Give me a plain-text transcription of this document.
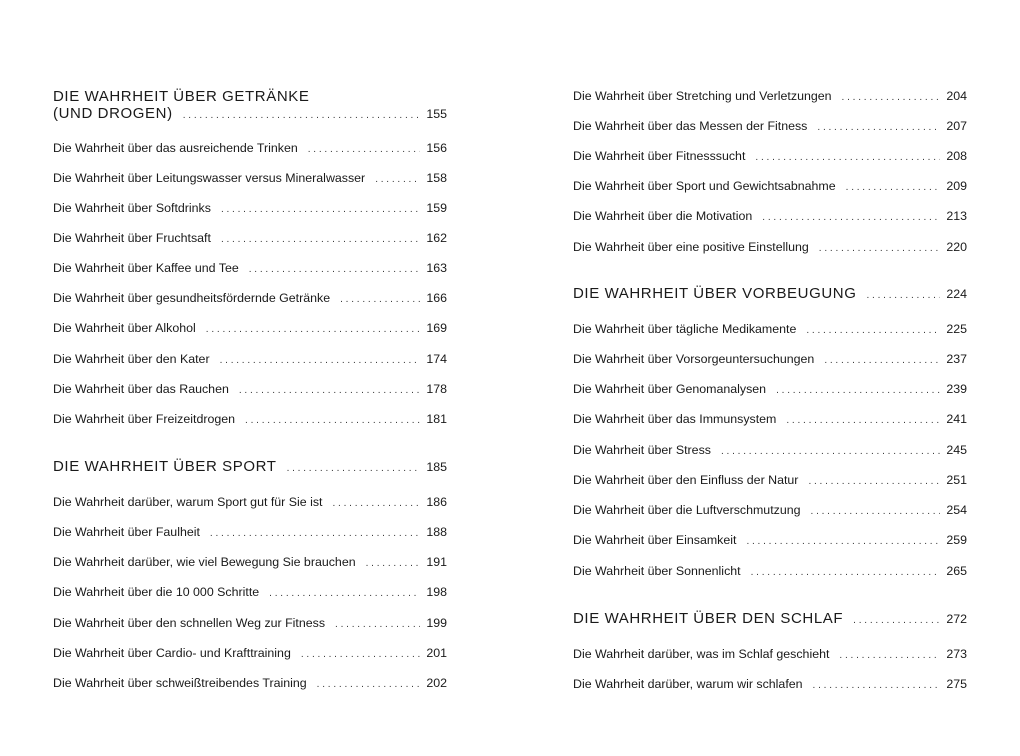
DIE WAHRHEIT ÜBER GETRÄNKE
(UND DROGEN) . . .	155
Die Wahrheit über das ausreichende Trinken . . .	156
Die Wahrheit über Leitungswasser versus Mineralwasser . . .	158
Die Wahrheit über Softdrinks . . .	159
Die Wahrheit über Fruchtsaft . . .	162
Die Wahrheit über Kaffee und Tee . . .	163
Die Wahrheit über gesundheitsfördernde Getränke . . .	166
Die Wahrheit über Alkohol . . .	169
Die Wahrheit über den Kater . . .	174
Die Wahrheit über das Rauchen . . .	178
Die Wahrheit über Freizeitdrogen . . .	181
DIE WAHRHEIT ÜBER SPORT . . .	185
Die Wahrheit darüber, warum Sport gut für Sie ist . . .	186
Die Wahrheit über Faulheit . . .	188
Die Wahrheit darüber, wie viel Bewegung Sie brauchen . . .	191
Die Wahrheit über die 10 000 Schritte . . .	198
Die Wahrheit über den schnellen Weg zur Fitness . . .	199
Die Wahrheit über Cardio- und Krafttraining . . .	201
Die Wahrheit über schweißtreibendes Training . . .	202
Die Wahrheit über Stretching und Verletzungen . . .	204
Die Wahrheit über das Messen der Fitness . . .	207
Die Wahrheit über Fitnesssucht . . .	208
Die Wahrheit über Sport und Gewichtsabnahme . . .	209
Die Wahrheit über die Motivation . . .	213
Die Wahrheit über eine positive Einstellung . . .	220
DIE WAHRHEIT ÜBER VORBEUGUNG . . .	224
Die Wahrheit über tägliche Medikamente . . .	225
Die Wahrheit über Vorsorgeuntersuchungen . . .	237
Die Wahrheit über Genomanalysen . . .	239
Die Wahrheit über das Immunsystem . . .	241
Die Wahrheit über Stress . . .	245
Die Wahrheit über den Einfluss der Natur . . .	251
Die Wahrheit über die Luftverschmutzung . . .	254
Die Wahrheit über Einsamkeit . . .	259
Die Wahrheit über Sonnenlicht . . .	265
DIE WAHRHEIT ÜBER DEN SCHLAF . . .	272
Die Wahrheit darüber, was im Schlaf geschieht . . .	273
Die Wahrheit darüber, warum wir schlafen . . .	275
